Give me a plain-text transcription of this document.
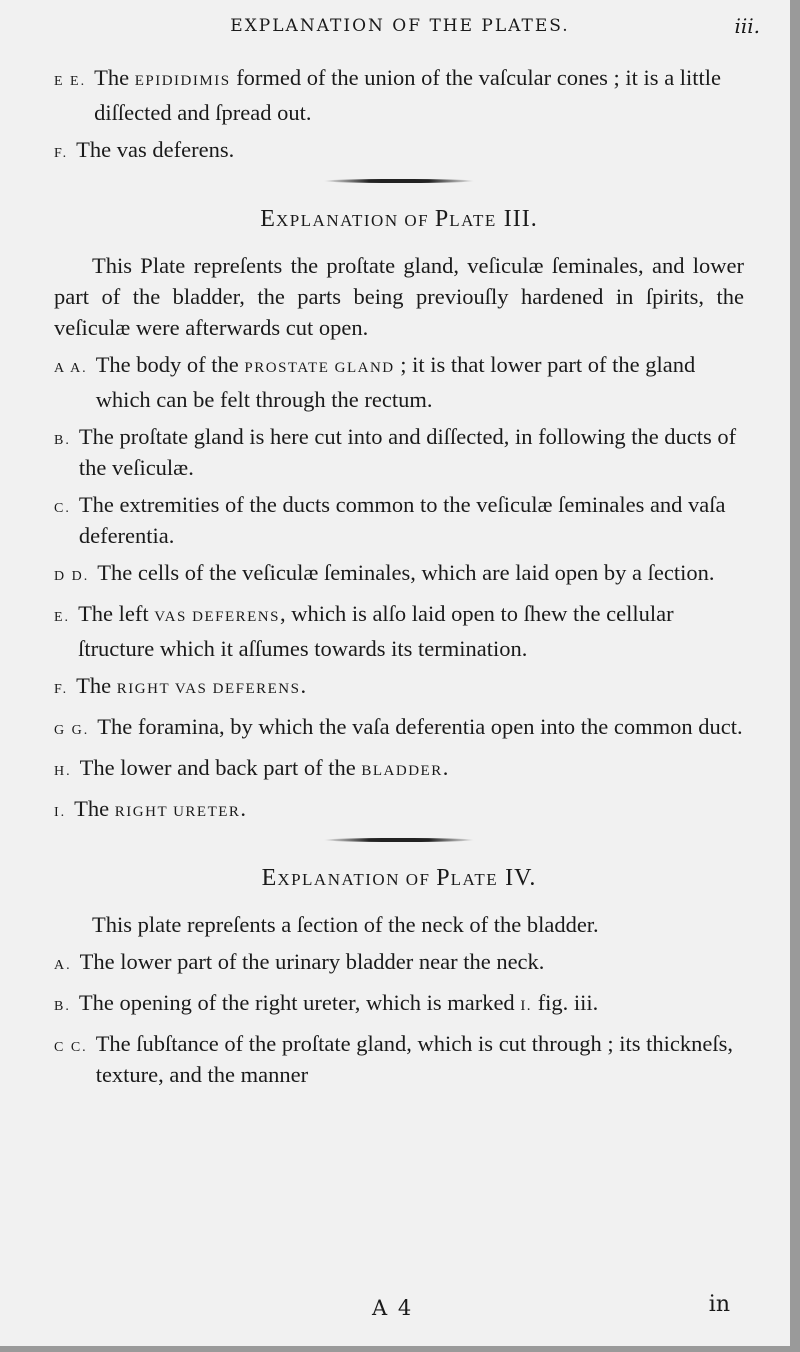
EXPLANATION OF THE PLATES.	iii.
E E. The EPIDIDIMIS formed of the union of the vaſcular cones ; it is a little diſſected and ſpread out.
F. The vas deferens.
EXPLANATION OF PLATE III.
This Plate repreſents the proſtate gland, veſiculæ ſeminales, and lower part of the bladder, the parts being previouſly hardened in ſpirits, the veſiculæ were afterwards cut open.
A A. The body of the PROSTATE GLAND ; it is that lower part of the gland which can be felt through the rectum.
B. The proſtate gland is here cut into and diſſected, in following the ducts of the veſiculæ.
C. The extremities of the ducts common to the veſiculæ ſeminales and vaſa deferentia.
D D. The cells of the veſiculæ ſeminales, which are laid open by a ſection.
E. The left VAS DEFERENS, which is alſo laid open to ſhew the cellular ſtructure which it aſſumes towards its termination.
F. The RIGHT VAS DEFERENS.
G G. The foramina, by which the vaſa deferentia open into the common duct.
H. The lower and back part of the BLADDER.
I. The RIGHT URETER.
EXPLANATION OF PLATE IV.
This plate repreſents a ſection of the neck of the bladder.
A. The lower part of the urinary bladder near the neck.
B. The opening of the right ureter, which is marked I. fig. iii.
C C. The ſubſtance of the proſtate gland, which is cut through ; its thickneſs, texture, and the manner
A 4	in
